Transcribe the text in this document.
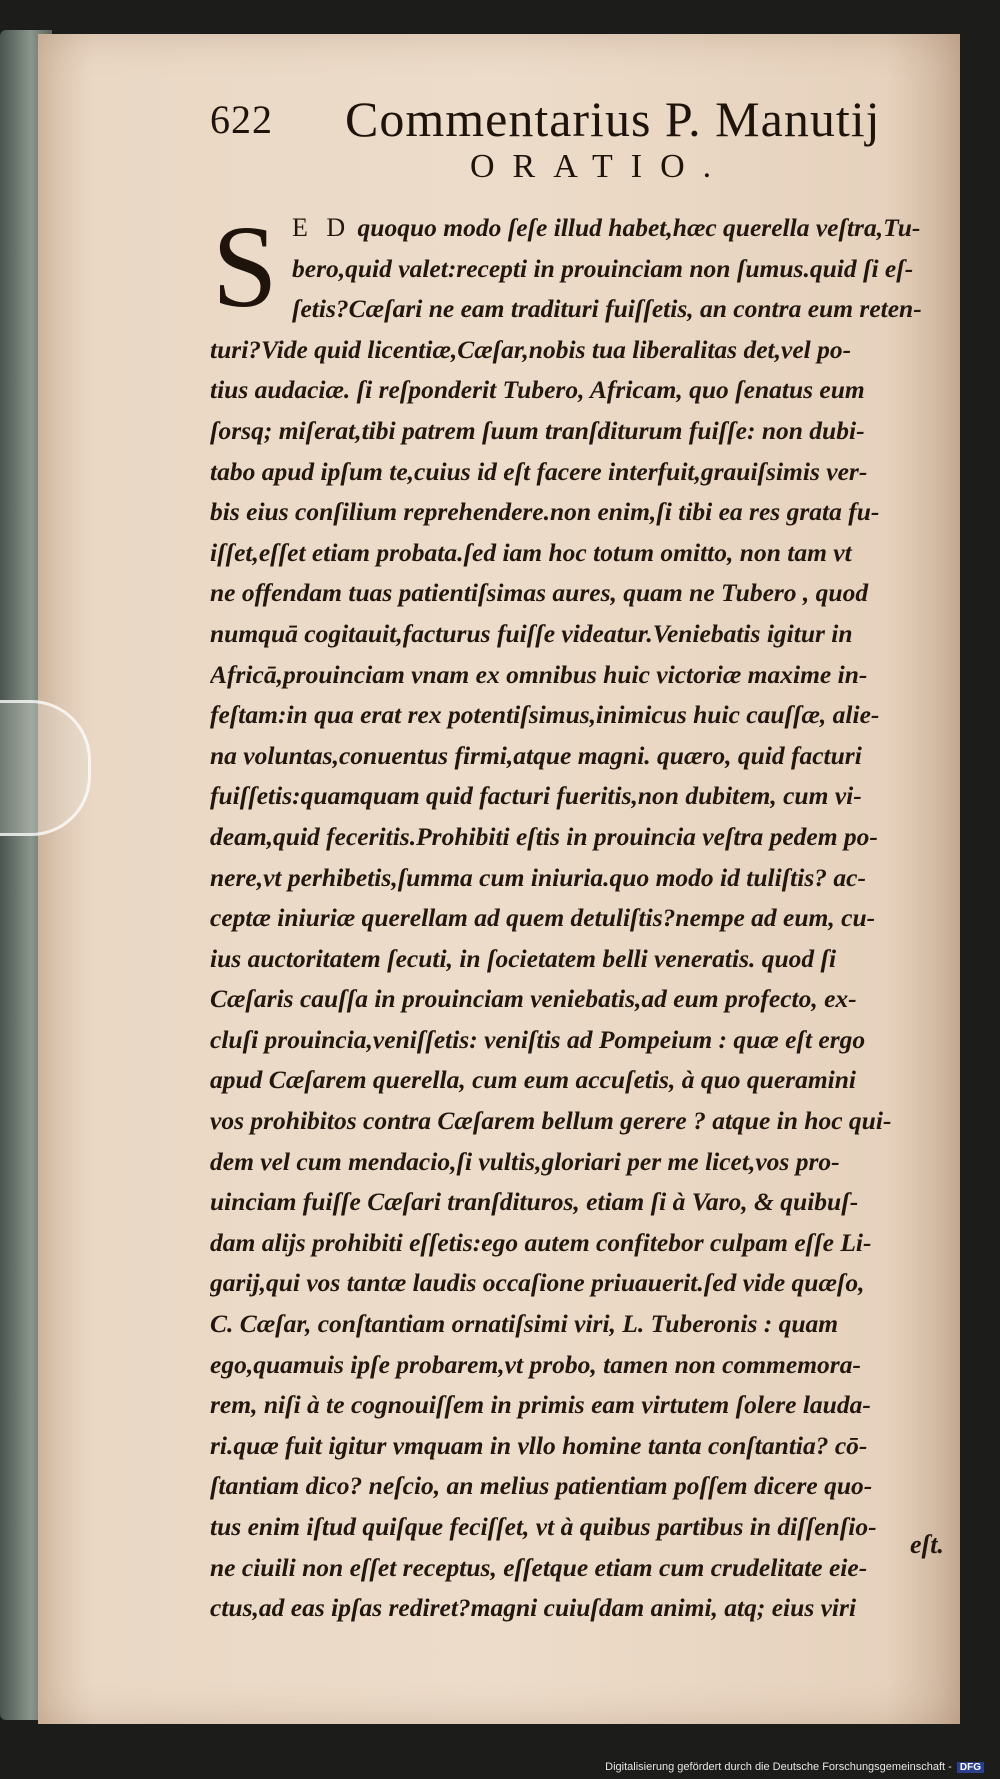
622 Commentarius P. Manutij
ORATIO.
S E D quoquo modo ſeſe illud habet,hæc querella veſtra,Tu-
bero,quid valet:recepti in prouinciam non ſumus.quid ſi eſ-
ſetis?Cæſari ne eam tradituri fuiſſetis, an contra eum reten-
turi?Vide quid licentiæ,Cæſar,nobis tua liberalitas det,vel po-
tius audaciæ. ſi reſponderit Tubero, Africam, quo ſenatus eum
ſorsq; miſerat,tibi patrem ſuum tranſditurum fuiſſe: non dubi-
tabo apud ipſum te,cuius id eſt facere interfuit,grauiſsimis ver-
bis eius conſilium reprehendere.non enim,ſi tibi ea res grata fu-
iſſet,eſſet etiam probata.ſed iam hoc totum omitto, non tam vt
ne offendam tuas patientiſsimas aures, quam ne Tubero , quod
numquā cogitauit,facturus fuiſſe videatur.Veniebatis igitur in
Africā,prouinciam vnam ex omnibus huic victoriæ maxime in-
feſtam:in qua erat rex potentiſsimus,inimicus huic cauſſæ, alie-
na voluntas,conuentus firmi,atque magni. quæro, quid facturi
fuiſſetis:quamquam quid facturi fueritis,non dubitem, cum vi-
deam,quid feceritis.Prohibiti eſtis in prouincia veſtra pedem po-
nere,vt perhibetis,ſumma cum iniuria.quo modo id tuliſtis? ac-
ceptæ iniuriæ querellam ad quem detuliſtis?nempe ad eum, cu-
ius auctoritatem ſecuti, in ſocietatem belli veneratis. quod ſi
Cæſaris cauſſa in prouinciam veniebatis,ad eum profecto, ex-
cluſi prouincia,veniſſetis: veniſtis ad Pompeium : quæ eſt ergo
apud Cæſarem querella, cum eum accuſetis, à quo queramini
vos prohibitos contra Cæſarem bellum gerere ? atque in hoc qui-
dem vel cum mendacio,ſi vultis,gloriari per me licet,vos pro-
uinciam fuiſſe Cæſari tranſdituros, etiam ſi à Varo, & quibuſ-
dam alijs prohibiti eſſetis:ego autem confitebor culpam eſſe Li-
garij,qui vos tantæ laudis occaſione priuauerit.ſed vide quæſo,
C. Cæſar, conſtantiam ornatiſsimi viri, L. Tuberonis : quam
ego,quamuis ipſe probarem,vt probo, tamen non commemora-
rem, niſi à te cognouiſſem in primis eam virtutem ſolere lauda-
ri.quæ fuit igitur vmquam in vllo homine tanta conſtantia? cō-
ſtantiam dico? neſcio, an melius patientiam poſſem dicere quo-
tus enim iſtud quiſque feciſſet, vt à quibus partibus in diſſenſio-
ne ciuili non eſſet receptus, eſſetque etiam cum crudelitate eie-
ctus,ad eas ipſas rediret?magni cuiuſdam animi, atq; eius viri
eſt.
Digitalisierung gefördert durch die Deutsche Forschungsgemeinschaft - DFG
